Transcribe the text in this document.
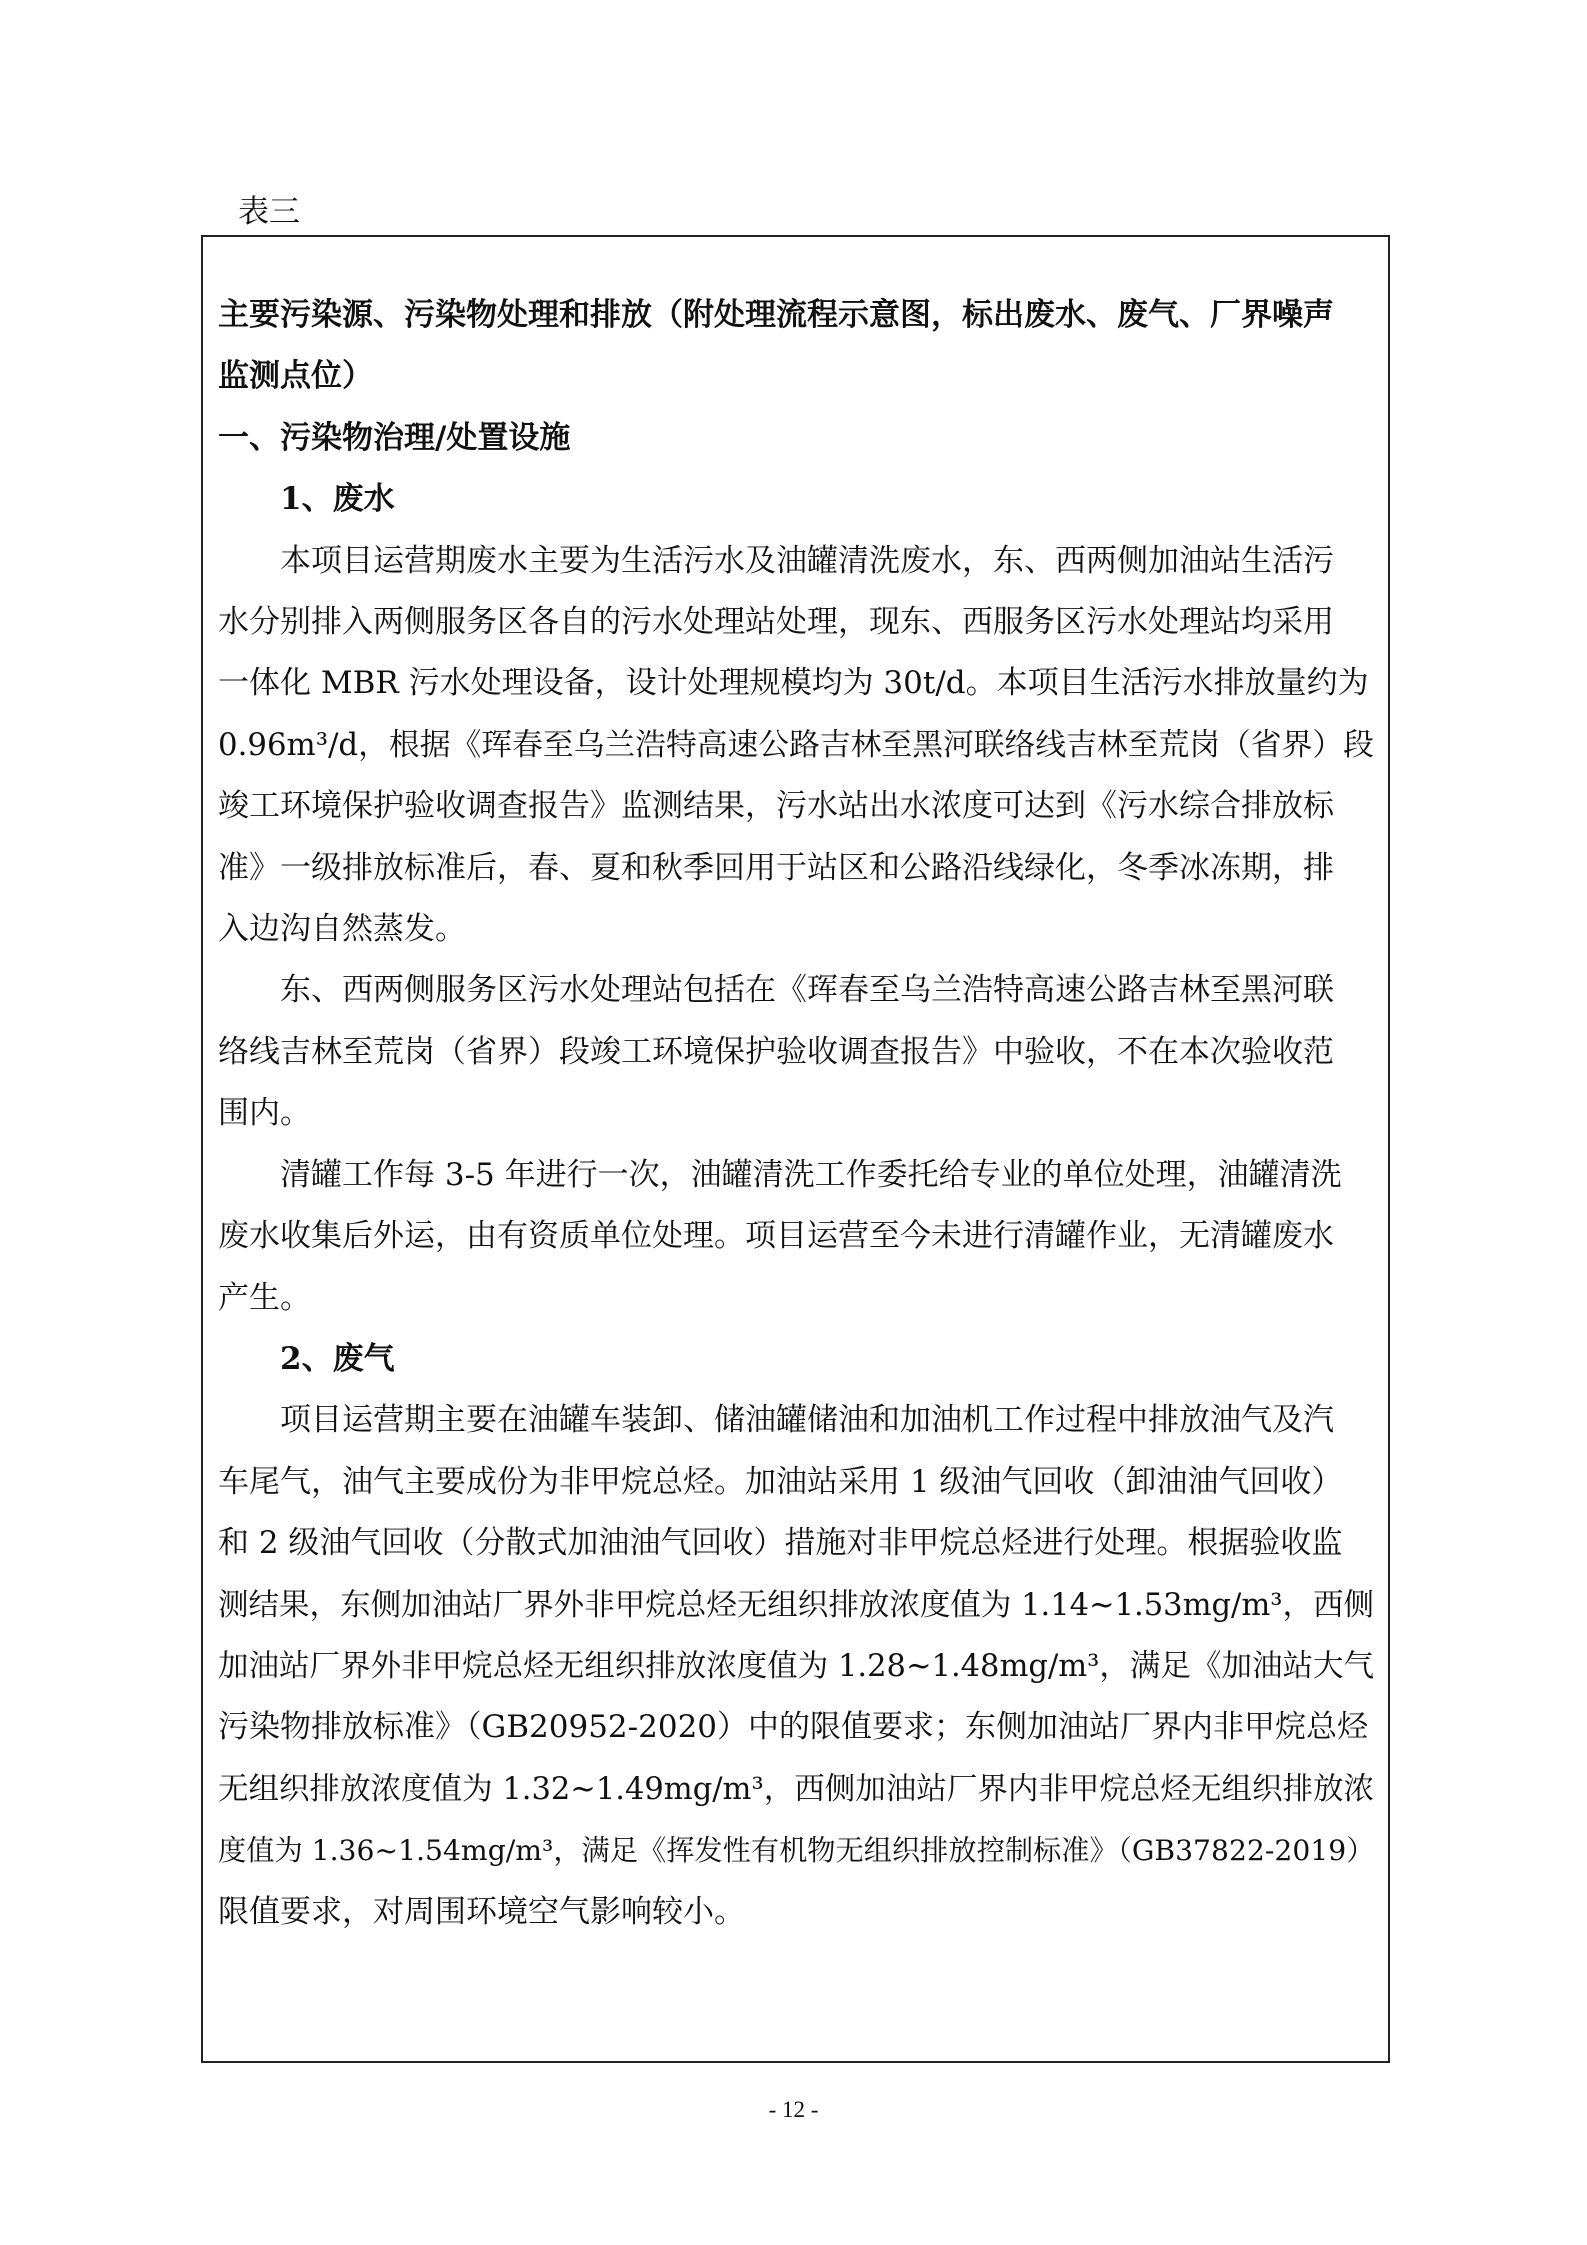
表三
主要污染源、污染物处理和排放（附处理流程示意图，标出废水、废气、厂界噪声
监测点位）
一、污染物治理/处置设施
1、废水
本项目运营期废水主要为生活污水及油罐清洗废水，东、西两侧加油站生活污
水分别排入两侧服务区各自的污水处理站处理，现东、西服务区污水处理站均采用
一体化 MBR 污水处理设备，设计处理规模均为 30t/d。本项目生活污水排放量约为
0.96m³/d，根据《珲春至乌兰浩特高速公路吉林至黑河联络线吉林至荒岗（省界）段
竣工环境保护验收调查报告》监测结果，污水站出水浓度可达到《污水综合排放标
准》一级排放标准后，春、夏和秋季回用于站区和公路沿线绿化，冬季冰冻期，排
入边沟自然蒸发。
东、西两侧服务区污水处理站包括在《珲春至乌兰浩特高速公路吉林至黑河联
络线吉林至荒岗（省界）段竣工环境保护验收调查报告》中验收，不在本次验收范
围内。
清罐工作每 3-5 年进行一次，油罐清洗工作委托给专业的单位处理，油罐清洗
废水收集后外运，由有资质单位处理。项目运营至今未进行清罐作业，无清罐废水
产生。
2、废气
项目运营期主要在油罐车装卸、储油罐储油和加油机工作过程中排放油气及汽
车尾气，油气主要成份为非甲烷总烃。加油站采用 1 级油气回收（卸油油气回收）
和 2 级油气回收（分散式加油油气回收）措施对非甲烷总烃进行处理。根据验收监
测结果，东侧加油站厂界外非甲烷总烃无组织排放浓度值为 1.14~1.53mg/m³，西侧
加油站厂界外非甲烷总烃无组织排放浓度值为 1.28~1.48mg/m³，满足《加油站大气
污染物排放标准》（GB20952-2020）中的限值要求；东侧加油站厂界内非甲烷总烃
无组织排放浓度值为 1.32~1.49mg/m³，西侧加油站厂界内非甲烷总烃无组织排放浓
度值为 1.36~1.54mg/m³，满足《挥发性有机物无组织排放控制标准》（GB37822-2019）
限值要求，对周围环境空气影响较小。
- 12 -
